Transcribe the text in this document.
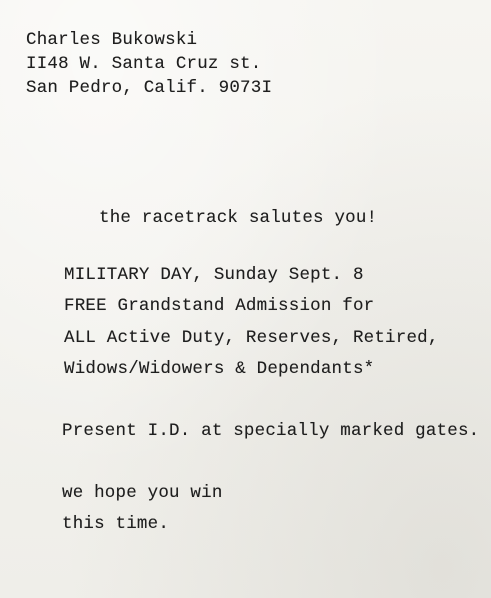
Charles Bukowski
II48 W. Santa Cruz st.
San Pedro, Calif. 9073I
the racetrack salutes you!
MILITARY DAY, Sunday Sept. 8
FREE Grandstand Admission for
ALL Active Duty, Reserves, Retired,
Widows/Widowers & Dependants*
Present I.D. at specially marked gates.
we hope you win
this time.
